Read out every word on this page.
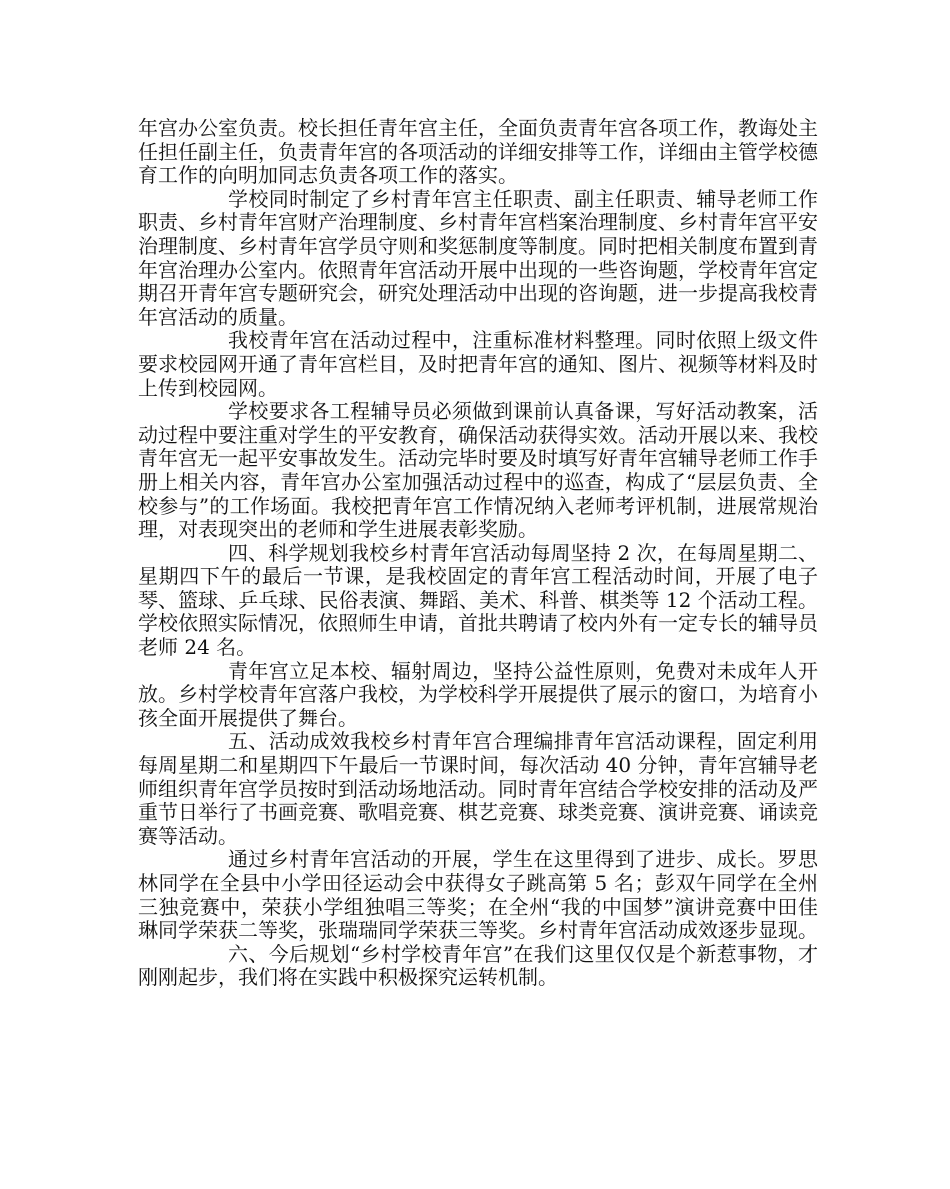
年宫办公室负责。校长担任青年宫主任，全面负责青年宫各项工作，教诲处主任担任副主任，负责青年宫的各项活动的详细安排等工作，详细由主管学校德育工作的向明加同志负责各项工作的落实。

学校同时制定了乡村青年宫主任职责、副主任职责、辅导老师工作职责、乡村青年宫财产治理制度、乡村青年宫档案治理制度、乡村青年宫平安治理制度、乡村青年宫学员守则和奖惩制度等制度。同时把相关制度布置到青年宫治理办公室内。依照青年宫活动开展中出现的一些咨询题，学校青年宫定期召开青年宫专题研究会，研究处理活动中出现的咨询题，进一步提高我校青年宫活动的质量。

我校青年宫在活动过程中，注重标准材料整理。同时依照上级文件要求校园网开通了青年宫栏目，及时把青年宫的通知、图片、视频等材料及时上传到校园网。

学校要求各工程辅导员必须做到课前认真备课，写好活动教案，活动过程中要注重对学生的平安教育，确保活动获得实效。活动开展以来、我校青年宫无一起平安事故发生。活动完毕时要及时填写好青年宫辅导老师工作手册上相关内容，青年宫办公室加强活动过程中的巡查，构成了“层层负责、全校参与”的工作场面。我校把青年宫工作情况纳入老师考评机制，进展常规治理，对表现突出的老师和学生进展表彰奖励。

四、科学规划我校乡村青年宫活动每周坚持 2 次，在每周星期二、星期四下午的最后一节课，是我校固定的青年宫工程活动时间，开展了电子琴、篮球、乒乓球、民俗表演、舞蹈、美术、科普、棋类等 12 个活动工程。学校依照实际情况，依照师生申请，首批共聘请了校内外有一定专长的辅导员老师 24 名。

青年宫立足本校、辐射周边，坚持公益性原则，免费对未成年人开放。乡村学校青年宫落户我校，为学校科学开展提供了展示的窗口，为培育小孩全面开展提供了舞台。

五、活动成效我校乡村青年宫合理编排青年宫活动课程，固定利用每周星期二和星期四下午最后一节课时间，每次活动 40 分钟，青年宫辅导老师组织青年宫学员按时到活动场地活动。同时青年宫结合学校安排的活动及严重节日举行了书画竞赛、歌唱竞赛、棋艺竞赛、球类竞赛、演讲竞赛、诵读竞赛等活动。

通过乡村青年宫活动的开展，学生在这里得到了进步、成长。罗思林同学在全县中小学田径运动会中获得女子跳高第 5 名；彭双午同学在全州三独竞赛中，荣获小学组独唱三等奖；在全州“我的中国梦”演讲竞赛中田佳琳同学荣获二等奖，张瑞瑞同学荣获三等奖。乡村青年宫活动成效逐步显现。

六、今后规划“乡村学校青年宫”在我们这里仅仅是个新惹事物，才刚刚起步，我们将在实践中积极探究运转机制。
